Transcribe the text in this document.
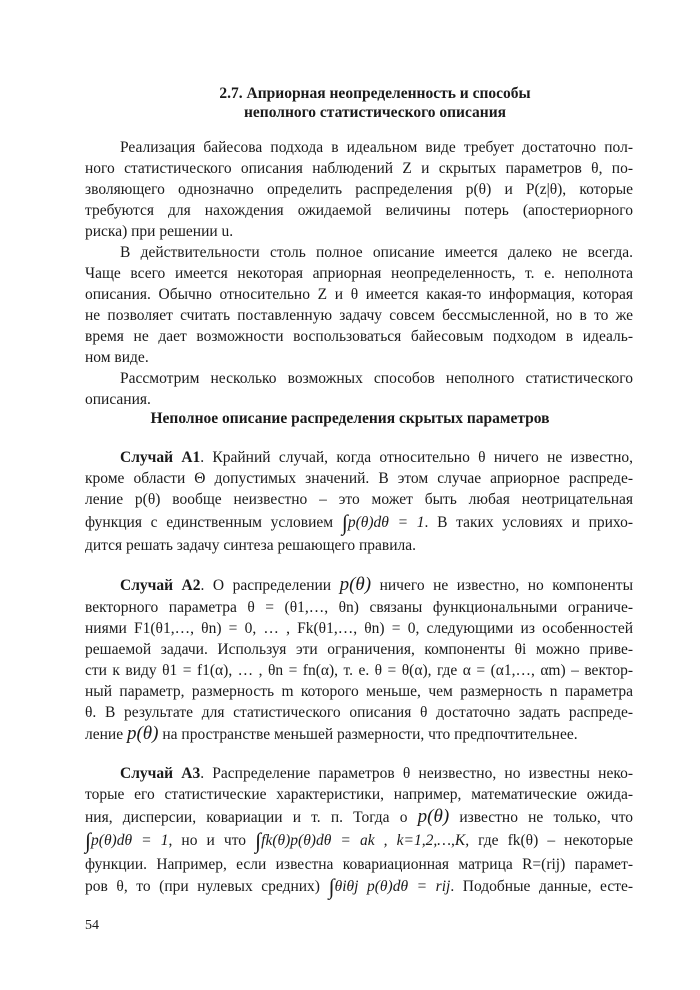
2.7. Априорная неопределенность и способы
неполного статистического описания
Реализация байесова подхода в идеальном виде требует достаточно пол-
ного статистического описания наблюдений Z и скрытых параметров θ, по-
зволяющего однозначно определить распределения p(θ) и P(z|θ), которые
требуются для нахождения ожидаемой величины потерь (апостериорного
риска) при решении u.
В действительности столь полное описание имеется далеко не всегда.
Чаще всего имеется некоторая априорная неопределенность, т. е. неполнота
описания. Обычно относительно Z и θ имеется какая-то информация, которая
не позволяет считать поставленную задачу совсем бессмысленной, но в то же
время не дает возможности воспользоваться байесовым подходом в идеаль-
ном виде.
Рассмотрим несколько возможных способов неполного статистического
описания.
Неполное описание распределения скрытых параметров
Случай А1. Крайний случай, когда относительно θ ничего не известно,
кроме области Θ допустимых значений. В этом случае априорное распреде-
ление p(θ) вообще неизвестно – это может быть любая неотрицательная
функция с единственным условием ∫p(θ)dθ = 1. В таких условиях и прихо-
дится решать задачу синтеза решающего правила.
Случай А2. О распределении p(θ) ничего не известно, но компоненты
векторного параметра θ = (θ1,…, θn) связаны функциональными ограниче-
ниями F1(θ1,…, θn) = 0, … , Fk(θ1,…, θn) = 0, следующими из особенностей
решаемой задачи. Используя эти ограничения, компоненты θi можно приве-
сти к виду θ1 = f1(α), … , θn = fn(α), т. е. θ = θ(α), где α = (α1,…, αm) – вектор-
ный параметр, размерность m которого меньше, чем размерность n параметра
θ. В результате для статистического описания θ достаточно задать распреде-
ление p(θ) на пространстве меньшей размерности, что предпочтительнее.
Случай А3. Распределение параметров θ неизвестно, но известны неко-
торые его статистические характеристики, например, математические ожида-
ния, дисперсии, ковариации и т. п. Тогда о p(θ) известно не только, что
∫p(θ)dθ = 1, но и что ∫fk(θ)p(θ)dθ = ak , k=1,2,…,K, где fk(θ) – некоторые
функции. Например, если известна ковариационная матрица R=(rij) парамет-
ров θ, то (при нулевых средних) ∫θiθj p(θ)dθ = rij. Подобные данные, есте-
54
